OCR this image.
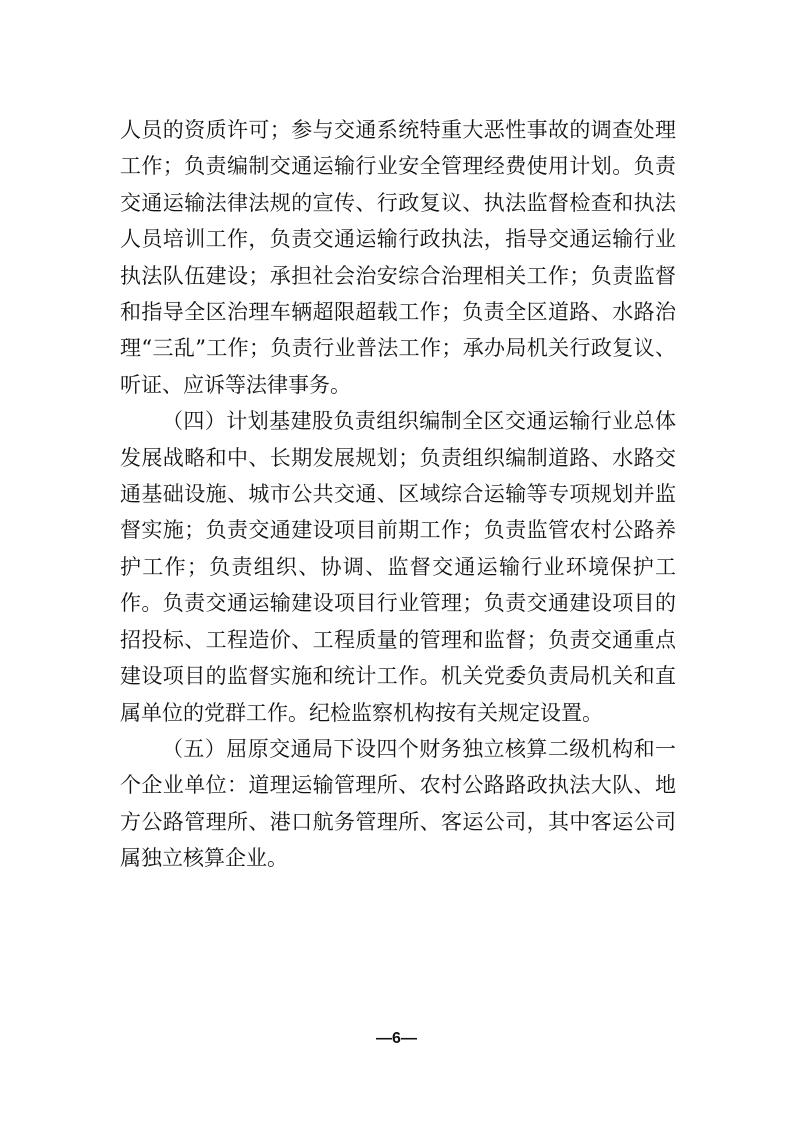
人员的资质许可；参与交通系统特重大恶性事故的调查处理工作；负责编制交通运输行业安全管理经费使用计划。负责交通运输法律法规的宣传、行政复议、执法监督检查和执法人员培训工作，负责交通运输行政执法，指导交通运输行业执法队伍建设；承担社会治安综合治理相关工作；负责监督和指导全区治理车辆超限超载工作；负责全区道路、水路治理“三乱”工作；负责行业普法工作；承办局机关行政复议、听证、应诉等法律事务。

（四）计划基建股负责组织编制全区交通运输行业总体发展战略和中、长期发展规划；负责组织编制道路、水路交通基础设施、城市公共交通、区域综合运输等专项规划并监督实施；负责交通建设项目前期工作；负责监管农村公路养护工作；负责组织、协调、监督交通运输行业环境保护工作。负责交通运输建设项目行业管理；负责交通建设项目的招投标、工程造价、工程质量的管理和监督；负责交通重点建设项目的监督实施和统计工作。机关党委负责局机关和直属单位的党群工作。纪检监察机构按有关规定设置。

（五）屈原交通局下设四个财务独立核算二级机构和一个企业单位：道理运输管理所、农村公路路政执法大队、地方公路管理所、港口航务管理所、客运公司，其中客运公司属独立核算企业。

—6—
